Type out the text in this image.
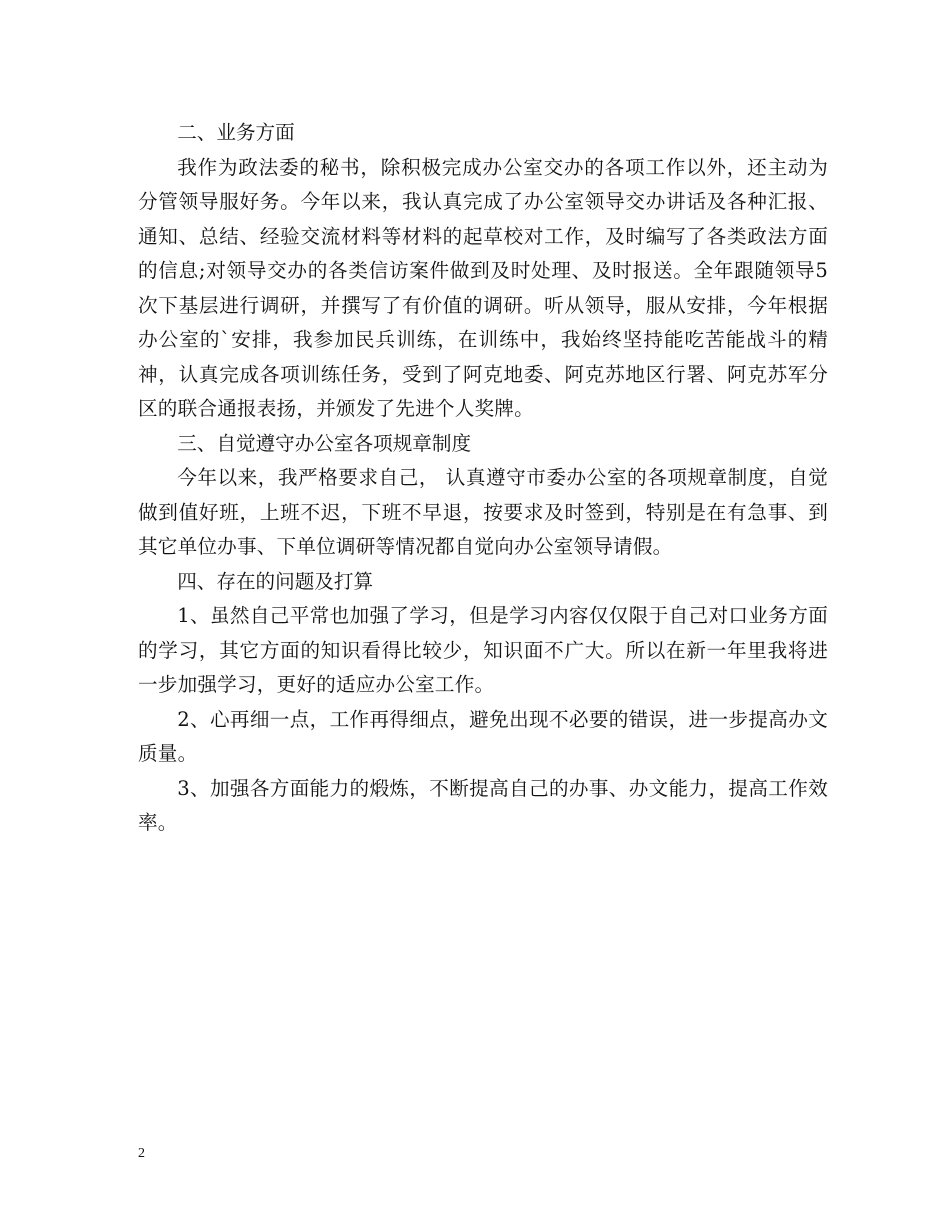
二、业务方面

我作为政法委的秘书，除积极完成办公室交办的各项工作以外，还主动为分管领导服好务。今年以来，我认真完成了办公室领导交办讲话及各种汇报、通知、总结、经验交流材料等材料的起草校对工作，及时编写了各类政法方面的信息;对领导交办的各类信访案件做到及时处理、及时报送。全年跟随领导5次下基层进行调研，并撰写了有价值的调研。听从领导，服从安排，今年根据办公室的`安排，我参加民兵训练，在训练中，我始终坚持能吃苦能战斗的精神，认真完成各项训练任务，受到了阿克地委、阿克苏地区行署、阿克苏军分区的联合通报表扬，并颁发了先进个人奖牌。

三、自觉遵守办公室各项规章制度

今年以来，我严格要求自己， 认真遵守市委办公室的各项规章制度，自觉做到值好班，上班不迟，下班不早退，按要求及时签到，特别是在有急事、到其它单位办事、下单位调研等情况都自觉向办公室领导请假。

四、存在的问题及打算

1、虽然自己平常也加强了学习，但是学习内容仅仅限于自己对口业务方面的学习，其它方面的知识看得比较少，知识面不广大。所以在新一年里我将进一步加强学习，更好的适应办公室工作。

2、心再细一点，工作再得细点，避免出现不必要的错误，进一步提高办文质量。

3、加强各方面能力的煅炼，不断提高自己的办事、办文能力，提高工作效率。

2
